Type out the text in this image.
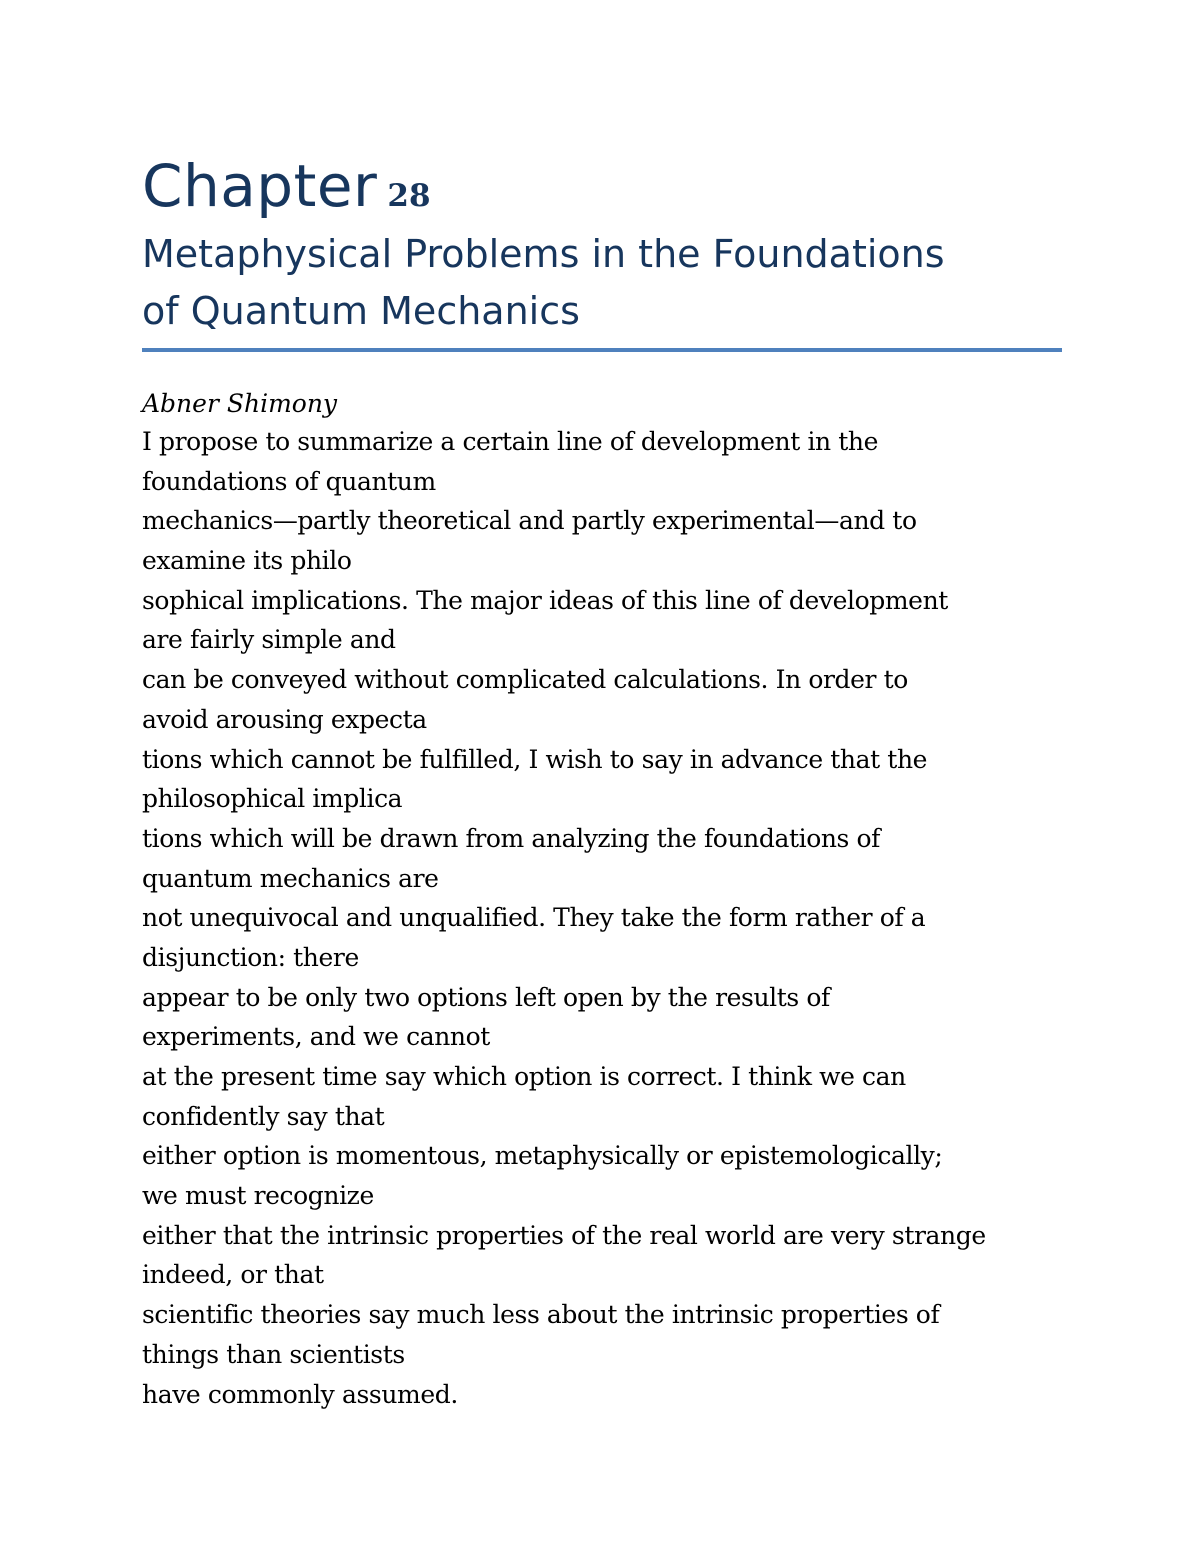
Chapter 28
Metaphysical Problems in the Foundations
of Quantum Mechanics

Abner Shimony

I propose to summarize a certain line of development in the
foundations of quantum
mechanics—partly theoretical and partly experimental—and to
examine its philo
sophical implications. The major ideas of this line of development
are fairly simple and
can be conveyed without complicated calculations. In order to
avoid arousing expecta
tions which cannot be fulfilled, I wish to say in advance that the
philosophical implica
tions which will be drawn from analyzing the foundations of
quantum mechanics are
not unequivocal and unqualified. They take the form rather of a
disjunction: there
appear to be only two options left open by the results of
experiments, and we cannot
at the present time say which option is correct. I think we can
confidently say that
either option is momentous, metaphysically or epistemologically;
we must recognize
either that the intrinsic properties of the real world are very strange
indeed, or that
scientific theories say much less about the intrinsic properties of
things than scientists
have commonly assumed.
